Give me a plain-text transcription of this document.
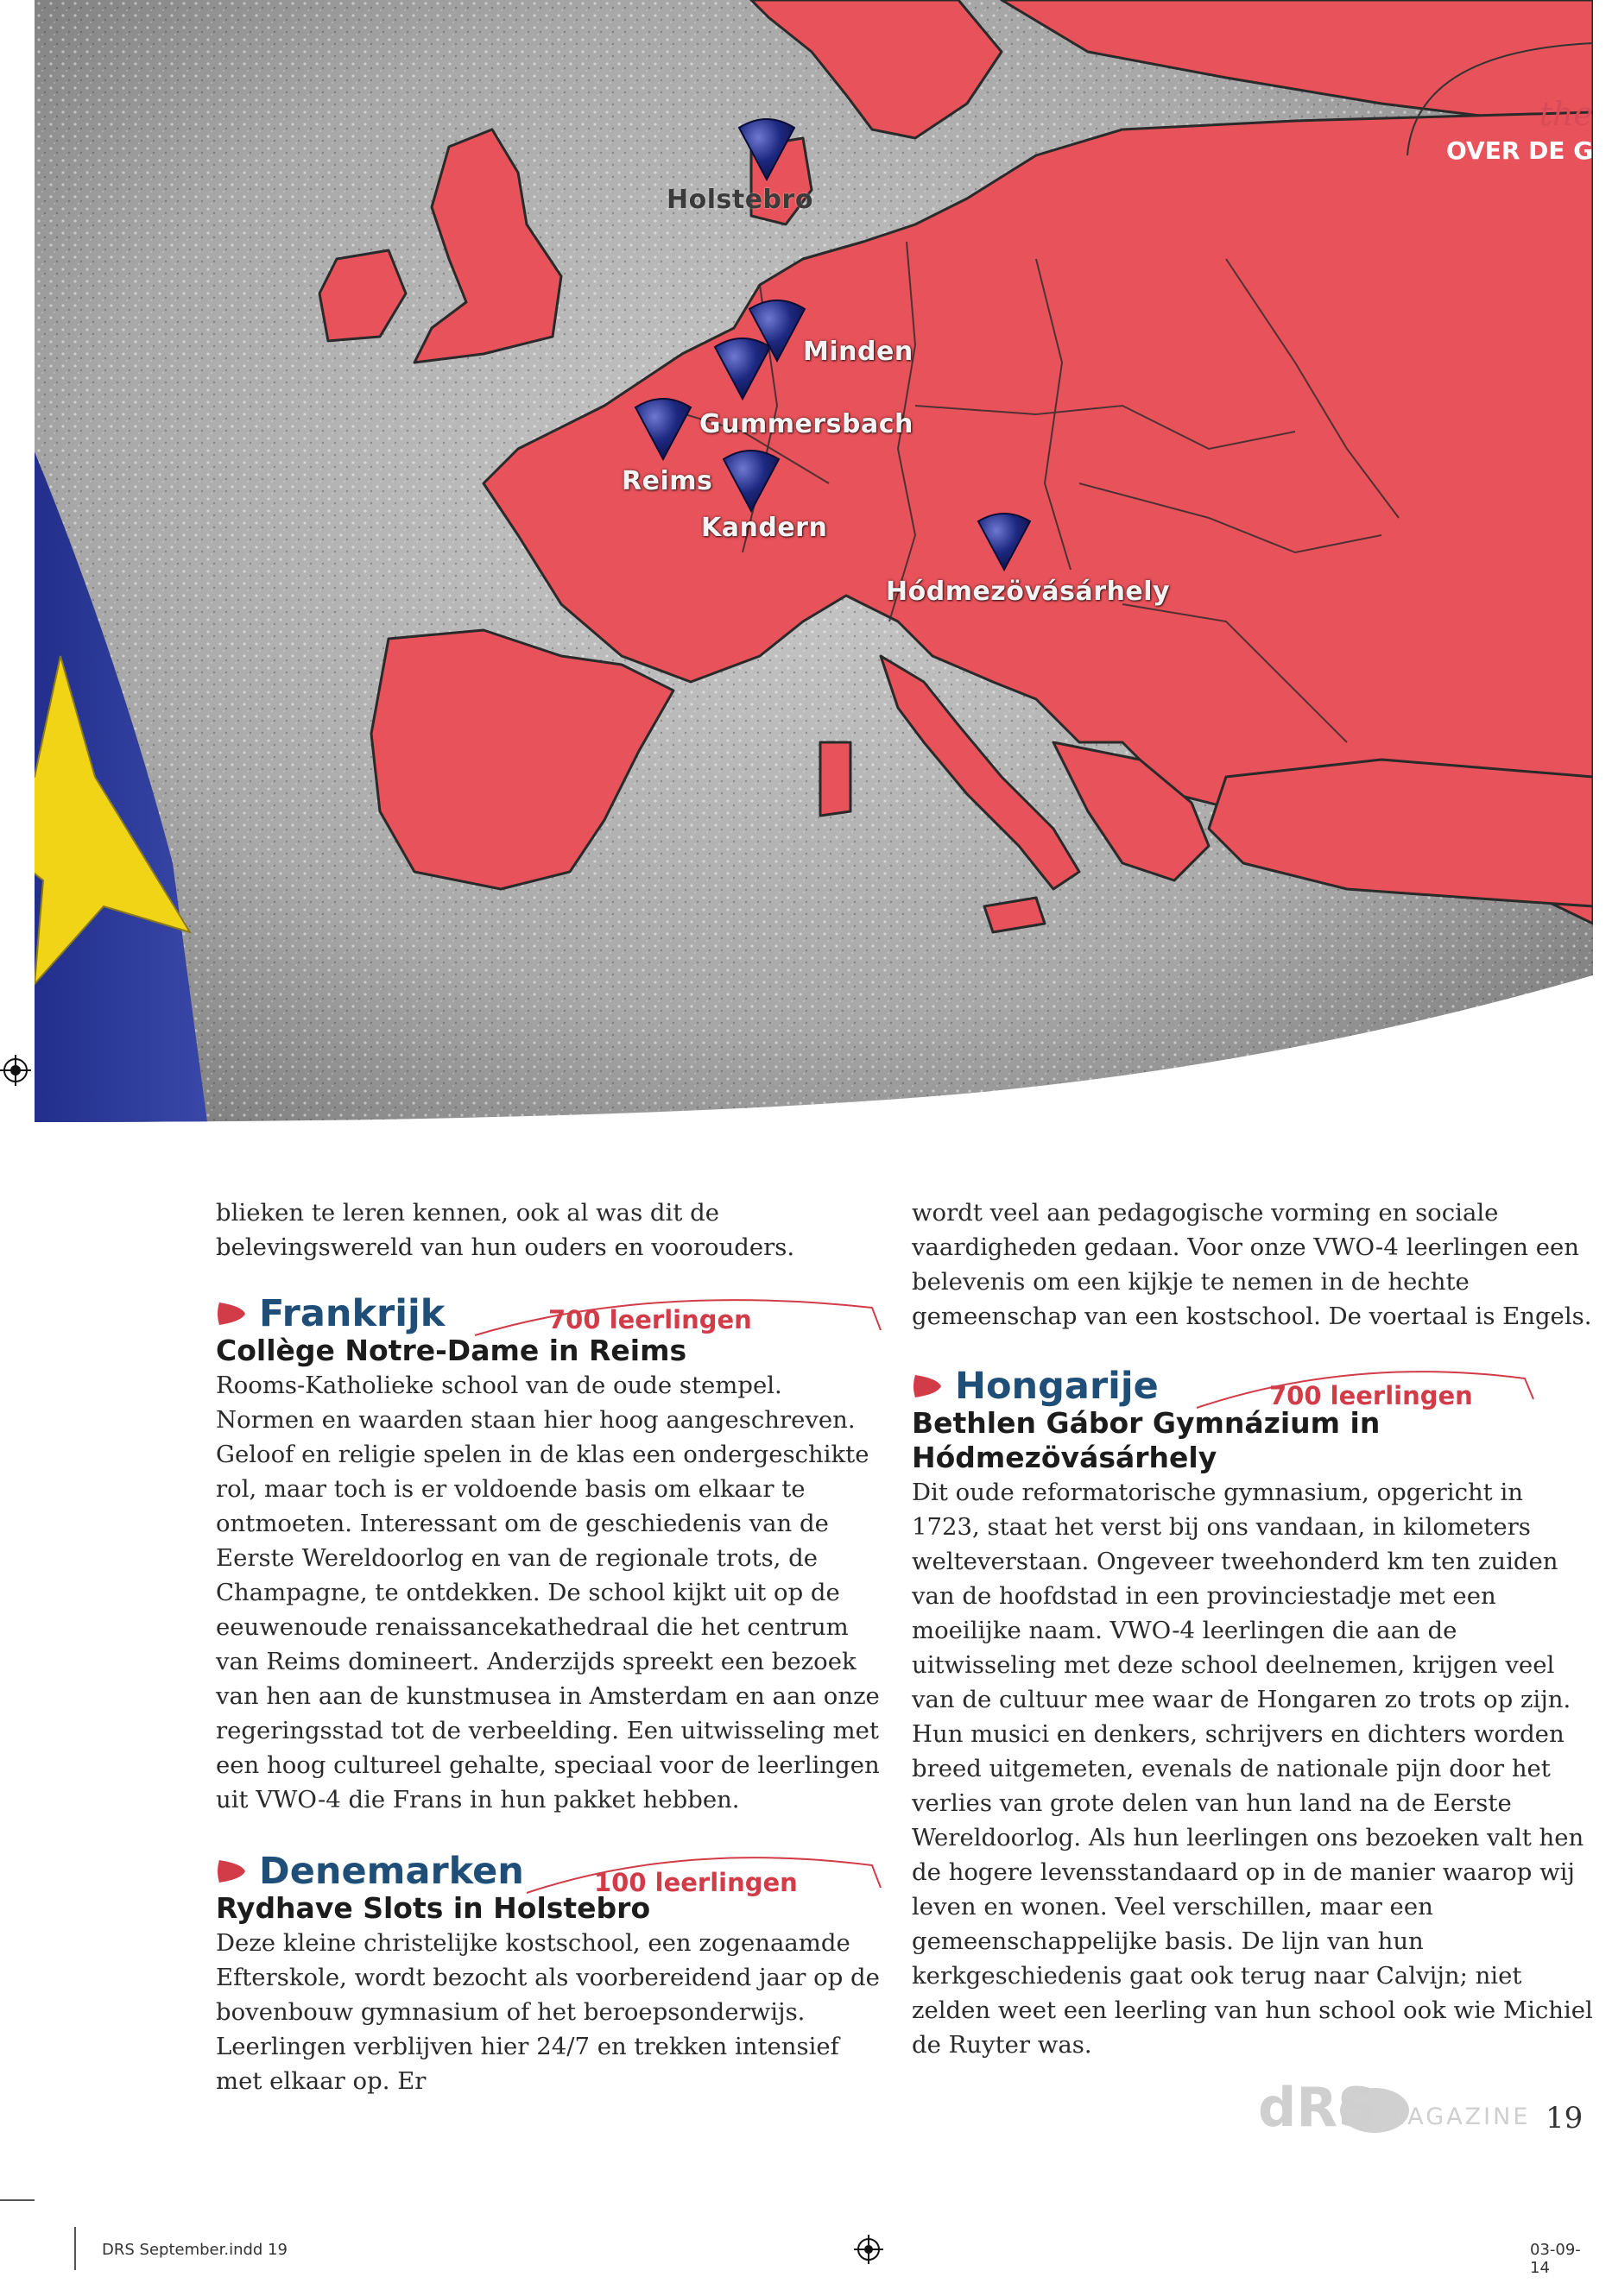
Holstebro
Minden
Gummersbach
Reims
Kandern
Hódmezövásárhely
the
OVER DE GR

blieken te leren kennen, ook al was dit de belevingswereld van hun ouders en voorouders.

Frankrijk	700 leerlingen
Collège Notre-Dame in Reims

Rooms-Katholieke school van de oude stempel. Normen en waarden staan hier hoog aangeschreven. Geloof en religie spelen in de klas een ondergeschikte rol, maar toch is er voldoende basis om elkaar te ontmoeten. Interessant om de geschiedenis van de Eerste Wereldoorlog en van de regionale trots, de Champagne, te ontdekken. De school kijkt uit op de eeuwenoude renaissancekathedraal die het centrum van Reims domineert. Anderzijds spreekt een bezoek van hen aan de kunstmusea in Amsterdam en aan onze regeringsstad tot de verbeelding. Een uitwisseling met een hoog cultureel gehalte, speciaal voor de leerlingen uit VWO-4 die Frans in hun pakket hebben.

Denemarken	100 leerlingen
Rydhave Slots in Holstebro

Deze kleine christelijke kostschool, een zogenaamde Efterskole, wordt bezocht als voorbereidend jaar op de bovenbouw gymnasium of het beroepsonderwijs. Leerlingen verblijven hier 24/7 en trekken intensief met elkaar op. Er

wordt veel aan pedagogische vorming en sociale vaardigheden gedaan. Voor onze VWO-4 leerlingen een belevenis om een kijkje te nemen in de hechte gemeenschap van een kostschool. De voertaal is Engels.

Hongarije	700 leerlingen
Bethlen Gábor Gymnázium in Hódmezövásárhely

Dit oude reformatorische gymnasium, opgericht in 1723, staat het verst bij ons vandaan, in kilometers welteverstaan. Ongeveer tweehonderd km ten zuiden van de hoofdstad in een provinciestadje met een moeilijke naam. VWO-4 leerlingen die aan de uitwisseling met deze school deelnemen, krijgen veel van de cultuur mee waar de Hongaren zo trots op zijn. Hun musici en denkers, schrijvers en dichters worden breed uitgemeten, evenals de nationale pijn door het verlies van grote delen van hun land na de Eerste Wereldoorlog. Als hun leerlingen ons bezoeken valt hen de hogere levensstandaard op in de manier waarop wij leven en wonen. Veel verschillen, maar een gemeenschappelijke basis. De lijn van hun kerkgeschiedenis gaat ook terug naar Calvijn; niet zelden weet een leerling van hun school ook wie Michiel de Ruyter was.

dRS MAGAZINE 19
DRS September.indd 19	03-09-14
